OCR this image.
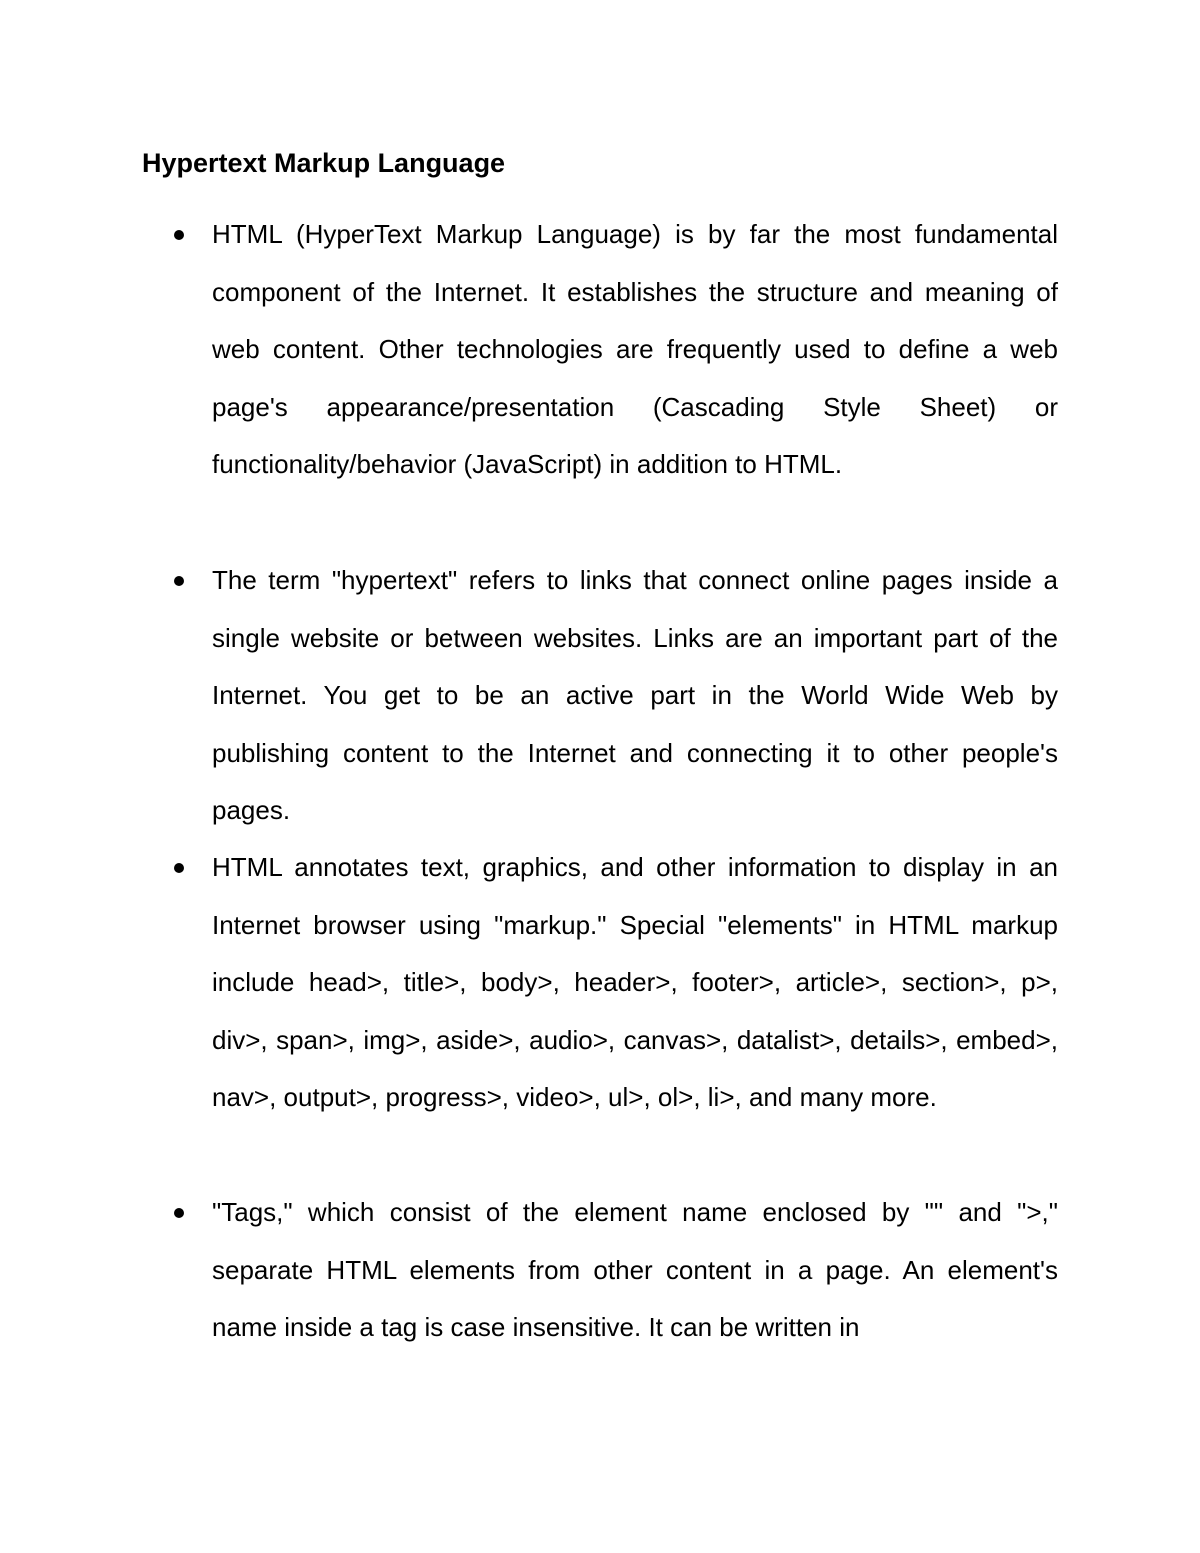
Hypertext Markup Language

HTML (HyperText Markup Language) is by far the most fundamental component of the Internet. It establishes the structure and meaning of web content. Other technologies are frequently used to define a web page's appearance/presentation (Cascading Style Sheet) or functionality/behavior (JavaScript) in addition to HTML.

The term "hypertext" refers to links that connect online pages inside a single website or between websites. Links are an important part of the Internet. You get to be an active part in the World Wide Web by publishing content to the Internet and connecting it to other people's pages.

HTML annotates text, graphics, and other information to display in an Internet browser using "markup." Special "elements" in HTML markup include head>, title>, body>, header>, footer>, article>, section>, p>, div>, span>, img>, aside>, audio>, canvas>, datalist>, details>, embed>, nav>, output>, progress>, video>, ul>, ol>, li>, and many more.

"Tags," which consist of the element name enclosed by "" and ">," separate HTML elements from other content in a page. An element's name inside a tag is case insensitive. It can be written in
